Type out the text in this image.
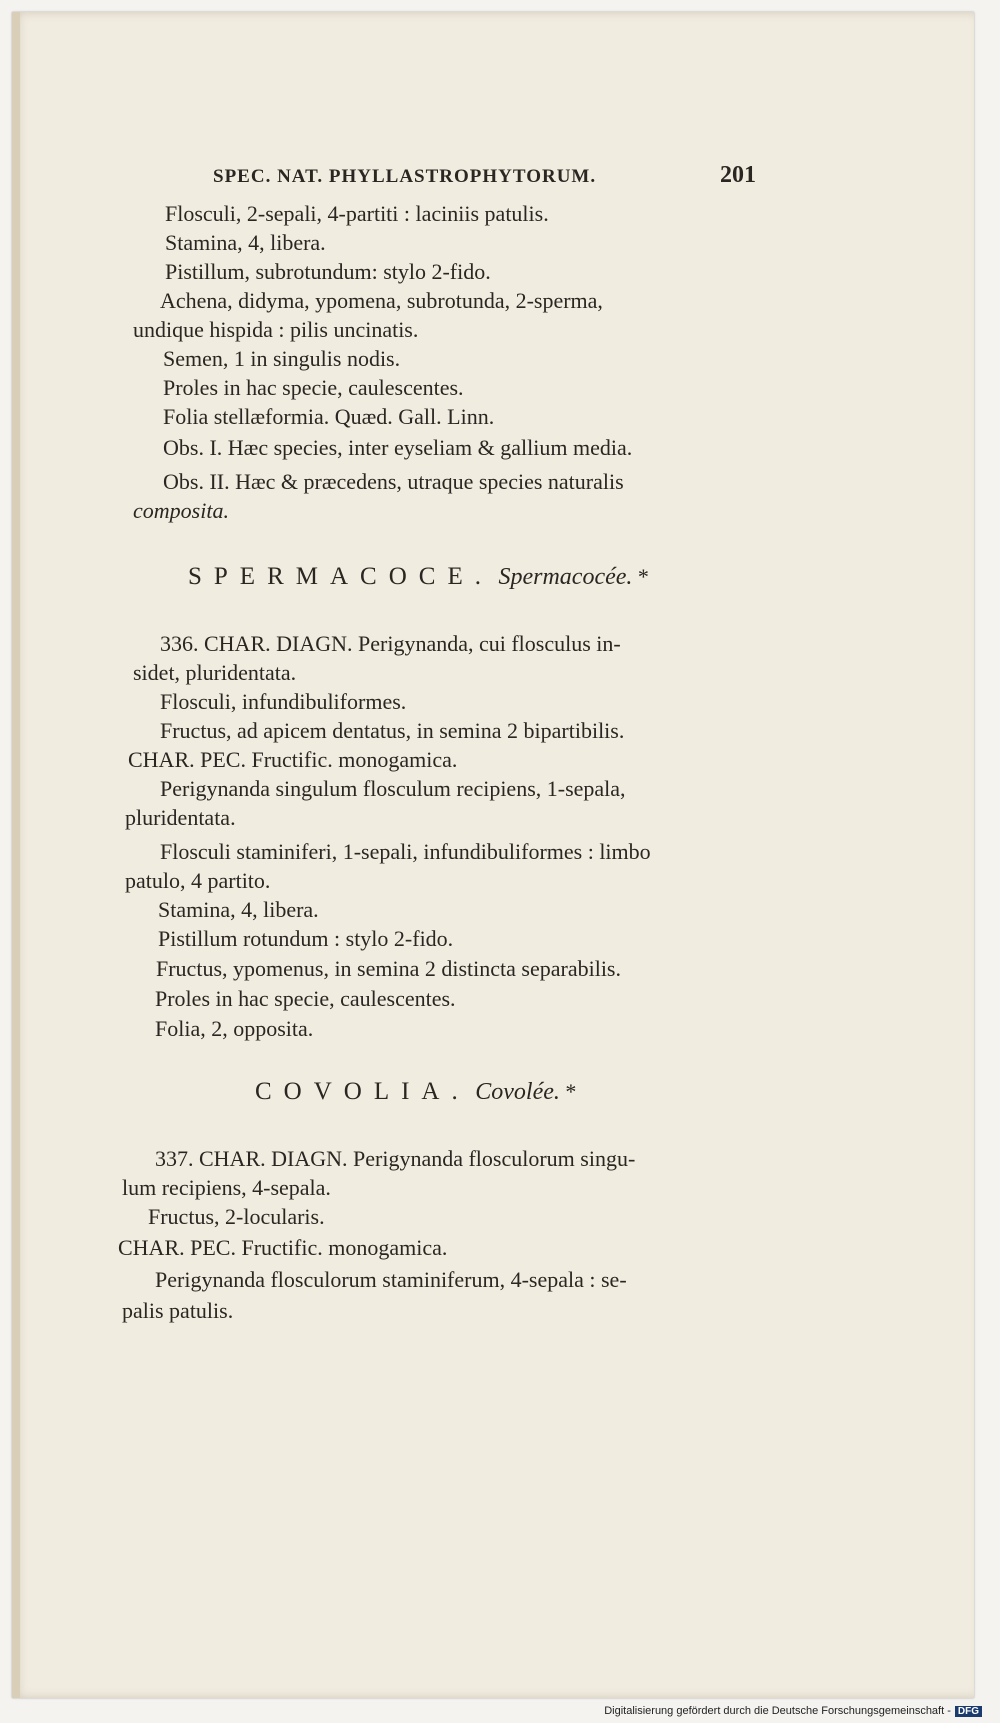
SPEC. NAT. PHYLLASTROPHYTORUM.	201
Flosculi, 2-sepali, 4-partiti : laciniis patulis.
Stamina, 4, libera.
Pistillum, subrotundum: stylo 2-fido.
Achena, didyma, ypomena, subrotunda, 2-sperma,
undique hispida : pilis uncinatis.
Semen, 1 in singulis nodis.
Proles in hac specie, caulescentes.
Folia stellæformia. Quæd. Gall. Linn.
Obs. I. Hæc species, inter eyseliam & gallium media.
Obs. II. Hæc & præcedens, utraque species naturalis
composita.
SPERMACOCE. Spermacocée. *
336. CHAR. DIAGN. Perigynanda, cui flosculus in-
sidet, pluridentata.
Flosculi, infundibuliformes.
Fructus, ad apicem dentatus, in semina 2 bipartibilis.
CHAR. PEC. Fructific. monogamica.
Perigynanda singulum flosculum recipiens, 1-sepala,
pluridentata.
Flosculi staminiferi, 1-sepali, infundibuliformes : limbo
patulo, 4 partito.
Stamina, 4, libera.
Pistillum rotundum : stylo 2-fido.
Fructus, ypomenus, in semina 2 distincta separabilis.
Proles in hac specie, caulescentes.
Folia, 2, opposita.
COVOLIA. Covolée. *
337. CHAR. DIAGN. Perigynanda flosculorum singu-
lum recipiens, 4-sepala.
Fructus, 2-locularis.
CHAR. PEC. Fructific. monogamica.
Perigynanda flosculorum staminiferum, 4-sepala : se-
palis patulis.
Digitalisierung gefördert durch die Deutsche Forschungsgemeinschaft - DFG
